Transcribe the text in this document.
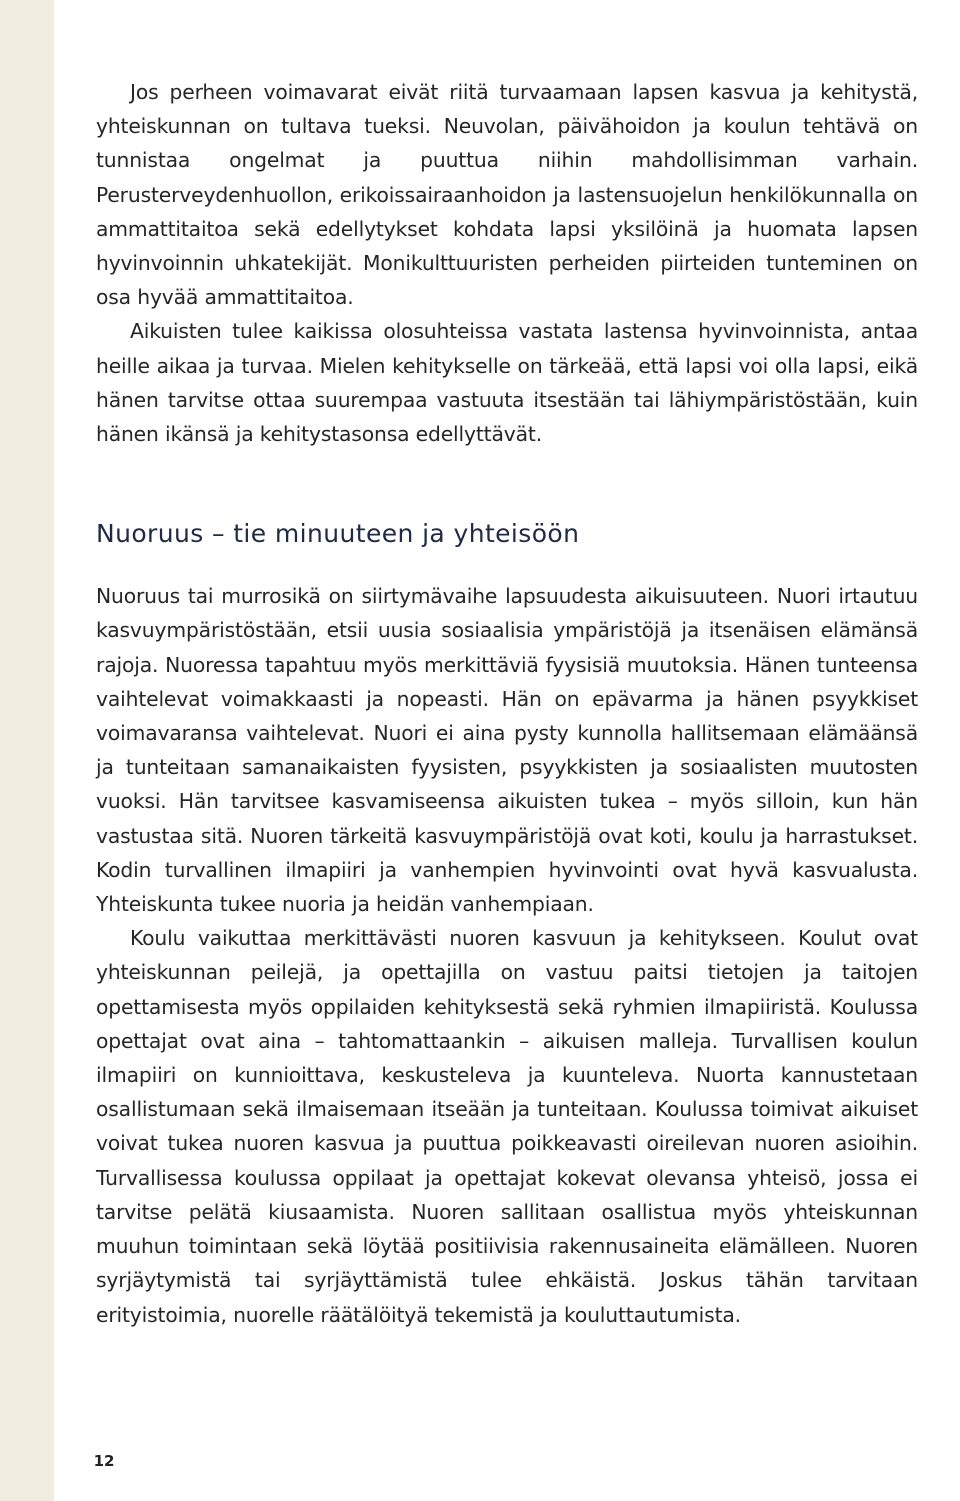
Jos perheen voimavarat eivät riitä turvaamaan lapsen kasvua ja kehitystä, yhteiskunnan on tultava tueksi. Neuvolan, päivähoidon ja koulun tehtävä on tunnistaa ongelmat ja puuttua niihin mahdollisimman varhain. Perusterveydenhuollon, erikoissairaanhoidon ja lastensuojelun henkilökunnalla on ammattitaitoa sekä edellytykset kohdata lapsi yksilöinä ja huomata lapsen hyvinvoinnin uhkatekijät. Monikulttuuristen perheiden piirteiden tunteminen on osa hyvää ammattitaitoa.

Aikuisten tulee kaikissa olosuhteissa vastata lastensa hyvinvoinnista, antaa heille aikaa ja turvaa. Mielen kehitykselle on tärkeää, että lapsi voi olla lapsi, eikä hänen tarvitse ottaa suurempaa vastuuta itsestään tai lähiympäristöstään, kuin hänen ikänsä ja kehitystasonsa edellyttävät.

Nuoruus – tie minuuteen ja yhteisöön

Nuoruus tai murrosikä on siirtymävaihe lapsuudesta aikuisuuteen. Nuori irtautuu kasvuympäristöstään, etsii uusia sosiaalisia ympäristöjä ja itsenäisen elämänsä rajoja. Nuoressa tapahtuu myös merkittäviä fyysisiä muutoksia. Hänen tunteensa vaihtelevat voimakkaasti ja nopeasti. Hän on epävarma ja hänen psyykkiset voimavaransa vaihtelevat. Nuori ei aina pysty kunnolla hallitsemaan elämäänsä ja tunteitaan samanaikaisten fyysisten, psyykkisten ja sosiaalisten muutosten vuoksi. Hän tarvitsee kasvamiseensa aikuisten tukea – myös silloin, kun hän vastustaa sitä. Nuoren tärkeitä kasvuympäristöjä ovat koti, koulu ja harrastukset. Kodin turvallinen ilmapiiri ja vanhempien hyvinvointi ovat hyvä kasvualusta. Yhteiskunta tukee nuoria ja heidän vanhempiaan.

Koulu vaikuttaa merkittävästi nuoren kasvuun ja kehitykseen. Koulut ovat yhteiskunnan peilejä, ja opettajilla on vastuu paitsi tietojen ja taitojen opettamisesta myös oppilaiden kehityksestä sekä ryhmien ilmapiiristä. Koulussa opettajat ovat aina – tahtomattaankin – aikuisen malleja. Turvallisen koulun ilmapiiri on kunnioittava, keskusteleva ja kuunteleva. Nuorta kannustetaan osallistumaan sekä ilmaisemaan itseään ja tunteitaan. Koulussa toimivat aikuiset voivat tukea nuoren kasvua ja puuttua poikkeavasti oireilevan nuoren asioihin. Turvallisessa koulussa oppilaat ja opettajat kokevat olevansa yhteisö, jossa ei tarvitse pelätä kiusaamista. Nuoren sallitaan osallistua myös yhteiskunnan muuhun toimintaan sekä löytää positiivisia rakennusaineita elämälleen. Nuoren syrjäytymistä tai syrjäyttämistä tulee ehkäistä. Joskus tähän tarvitaan erityistoimia, nuorelle räätälöityä tekemistä ja kouluttautumista.

12
